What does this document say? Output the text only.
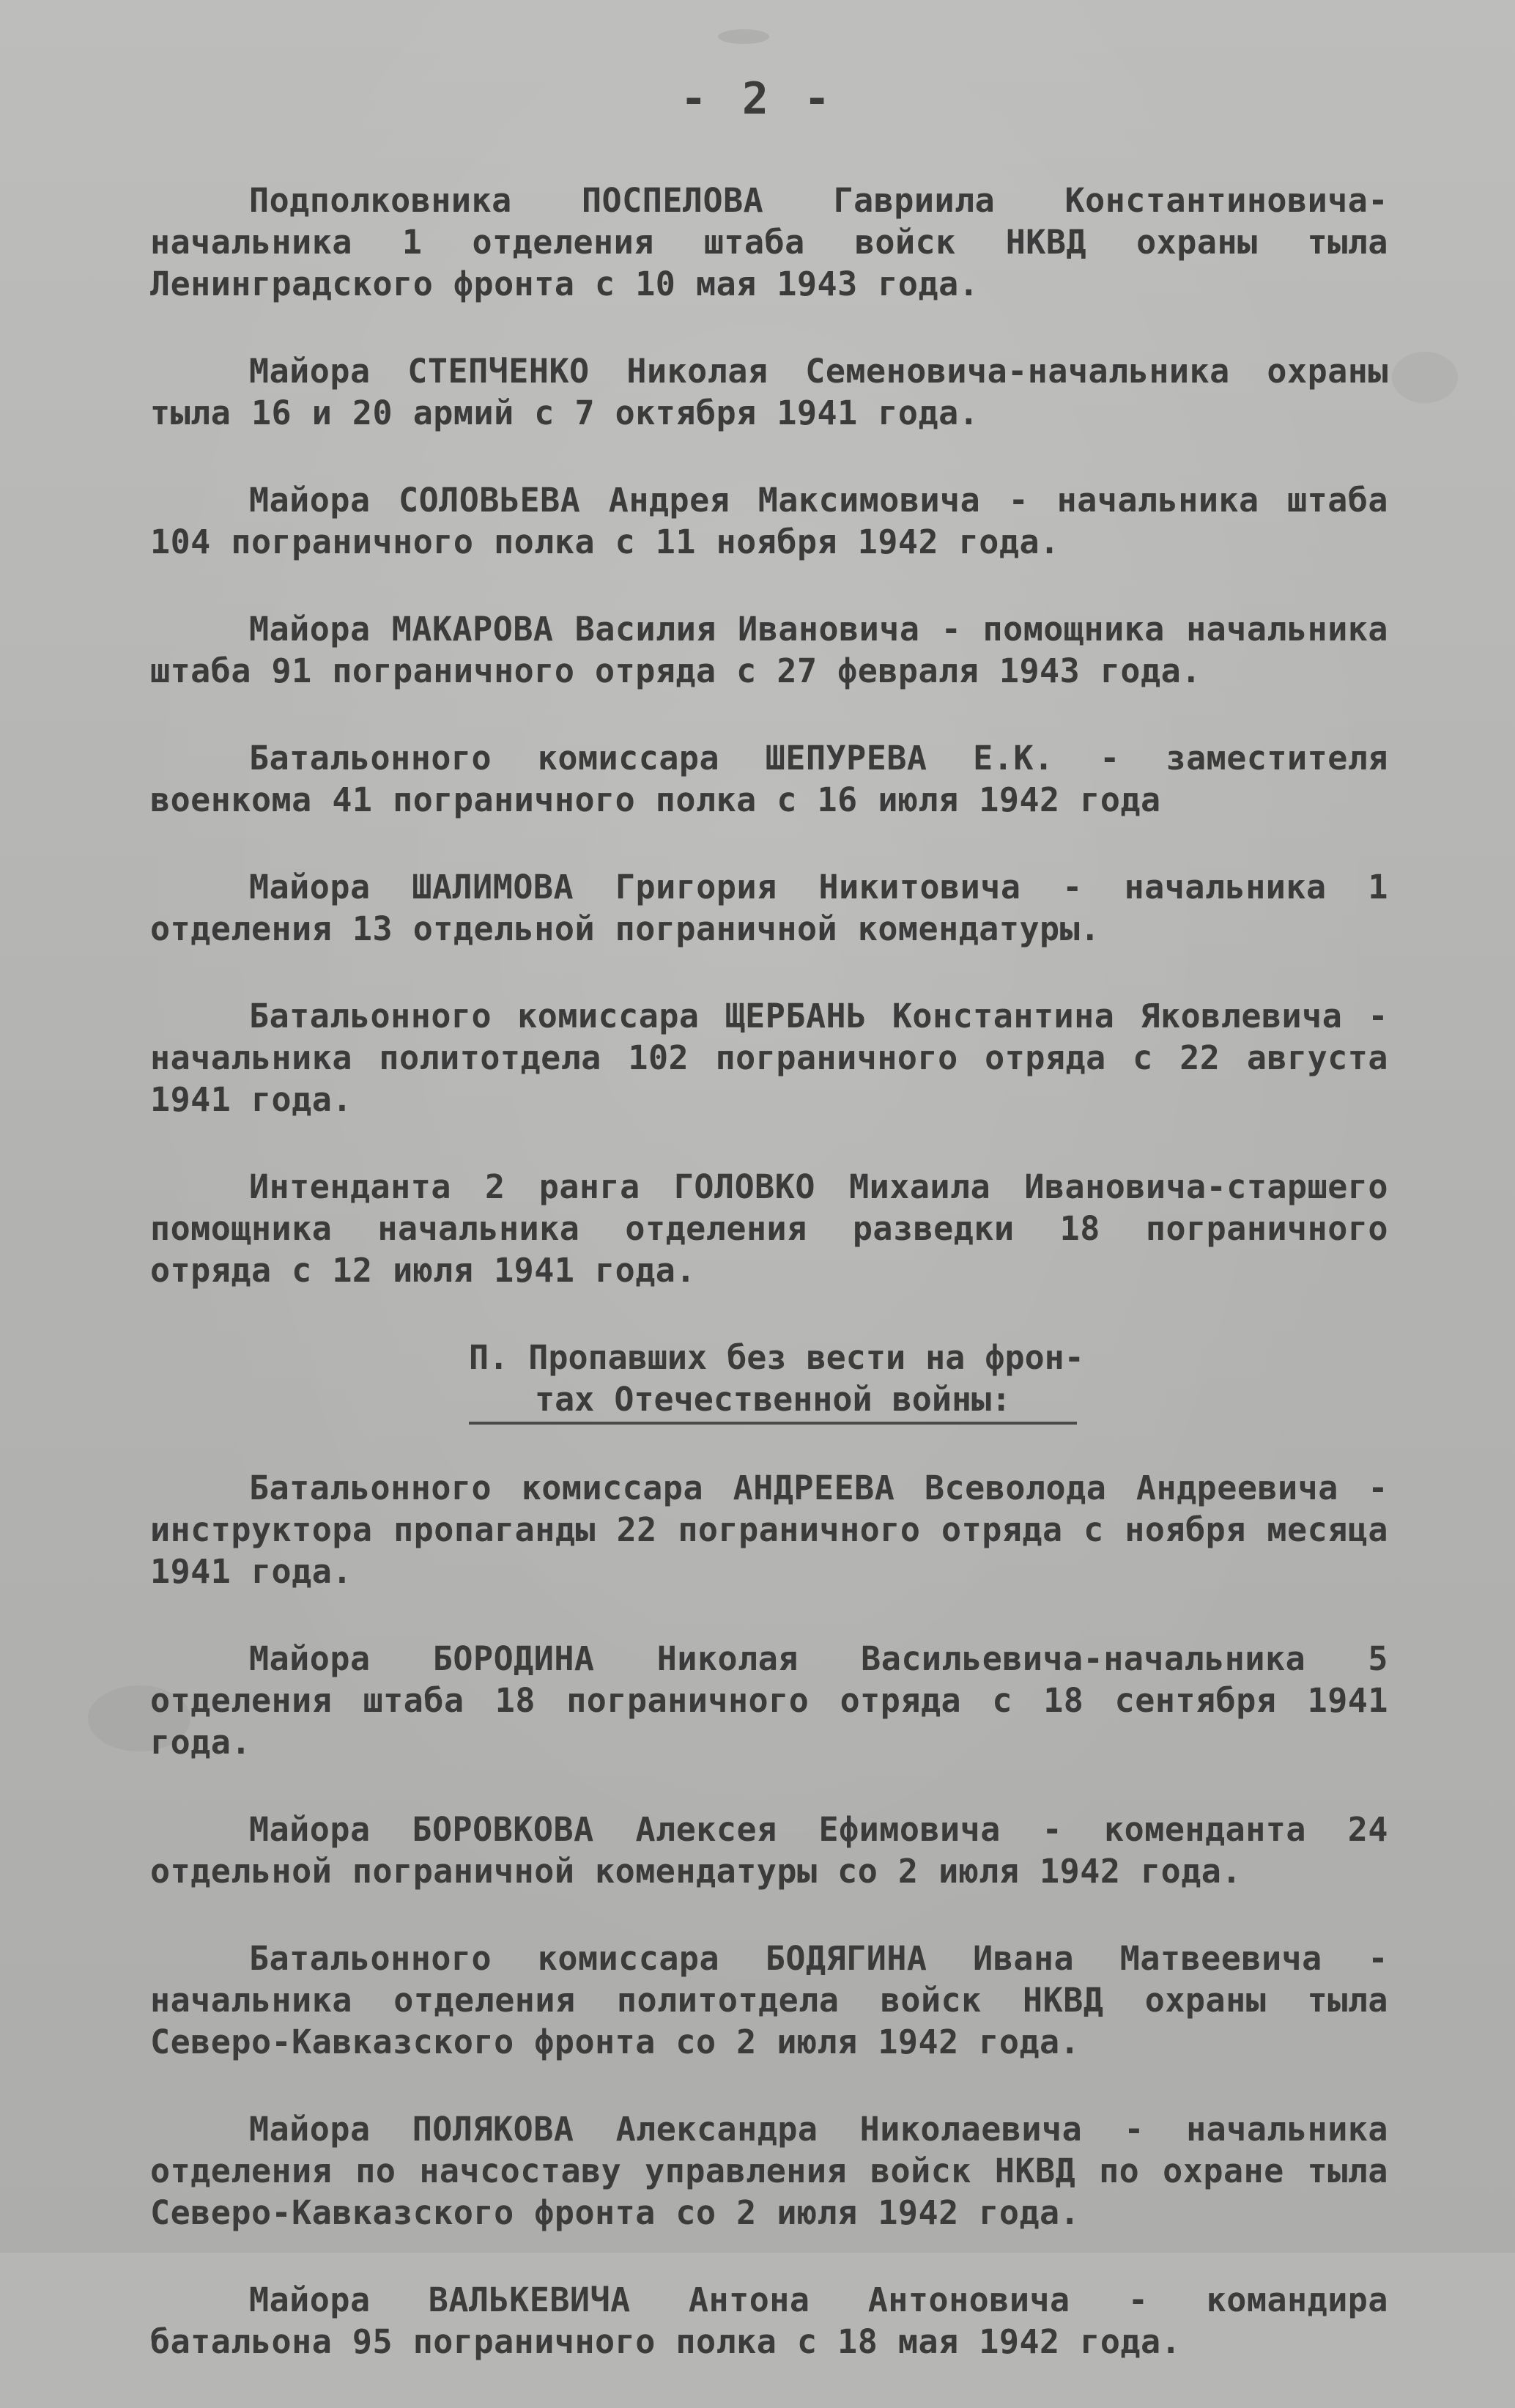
- 2 -

Подполковника ПОСПЕЛОВА Гавриила Константиновича-начальника 1 отделения штаба войск НКВД охраны тыла Ленинградского фронта с 10 мая 1943 года.

Майора СТЕПЧЕНКО Николая Семеновича-начальника охраны тыла 16 и 20 армий с 7 октября 1941 года.

Майора СОЛОВЬЕВА Андрея Максимовича - начальника штаба 104 пограничного полка с 11 ноября 1942 года.

Майора МАКАРОВА Василия Ивановича - помощника начальника штаба 91 пограничного отряда с 27 февраля 1943 года.

Батальонного комиссара ШЕПУРЕВА Е.К. - заместителя военкома 41 пограничного полка с 16 июля 1942 года

Майора ШАЛИМОВА Григория Никитовича - начальника 1 отделения 13 отдельной пограничной комендатуры.

Батальонного комиссара ЩЕРБАНЬ Константина Яковлевича - начальника политотдела 102 пограничного отряда с 22 августа 1941 года.

Интенданта 2 ранга ГОЛОВКО Михаила Ивановича-старшего помощника начальника отделения разведки 18 пограничного отряда с 12 июля 1941 года.

П. Пропавших без вести на фрон-
тах Отечественной войны:

Батальонного комиссара АНДРЕЕВА Всеволода Андреевича - инструктора пропаганды 22 пограничного отряда с ноября месяца 1941 года.

Майора БОРОДИНА Николая Васильевича-начальника 5 отделения штаба 18 пограничного отряда с 18 сентября 1941 года.

Майора БОРОВКОВА Алексея Ефимовича - коменданта 24 отдельной пограничной комендатуры со 2 июля 1942 года.

Батальонного комиссара БОДЯГИНА Ивана Матвеевича - начальника отделения политотдела войск НКВД охраны тыла Северо-Кавказского фронта со 2 июля 1942 года.

Майора ПОЛЯКОВА Александра Николаевича - начальника отделения по начсоставу управления войск НКВД по охране тыла Северо-Кавказского фронта со 2 июля 1942 года.

Майора ВАЛЬКЕВИЧА Антона Антоновича - командира батальона 95 пограничного полка с 18 мая 1942 года.
